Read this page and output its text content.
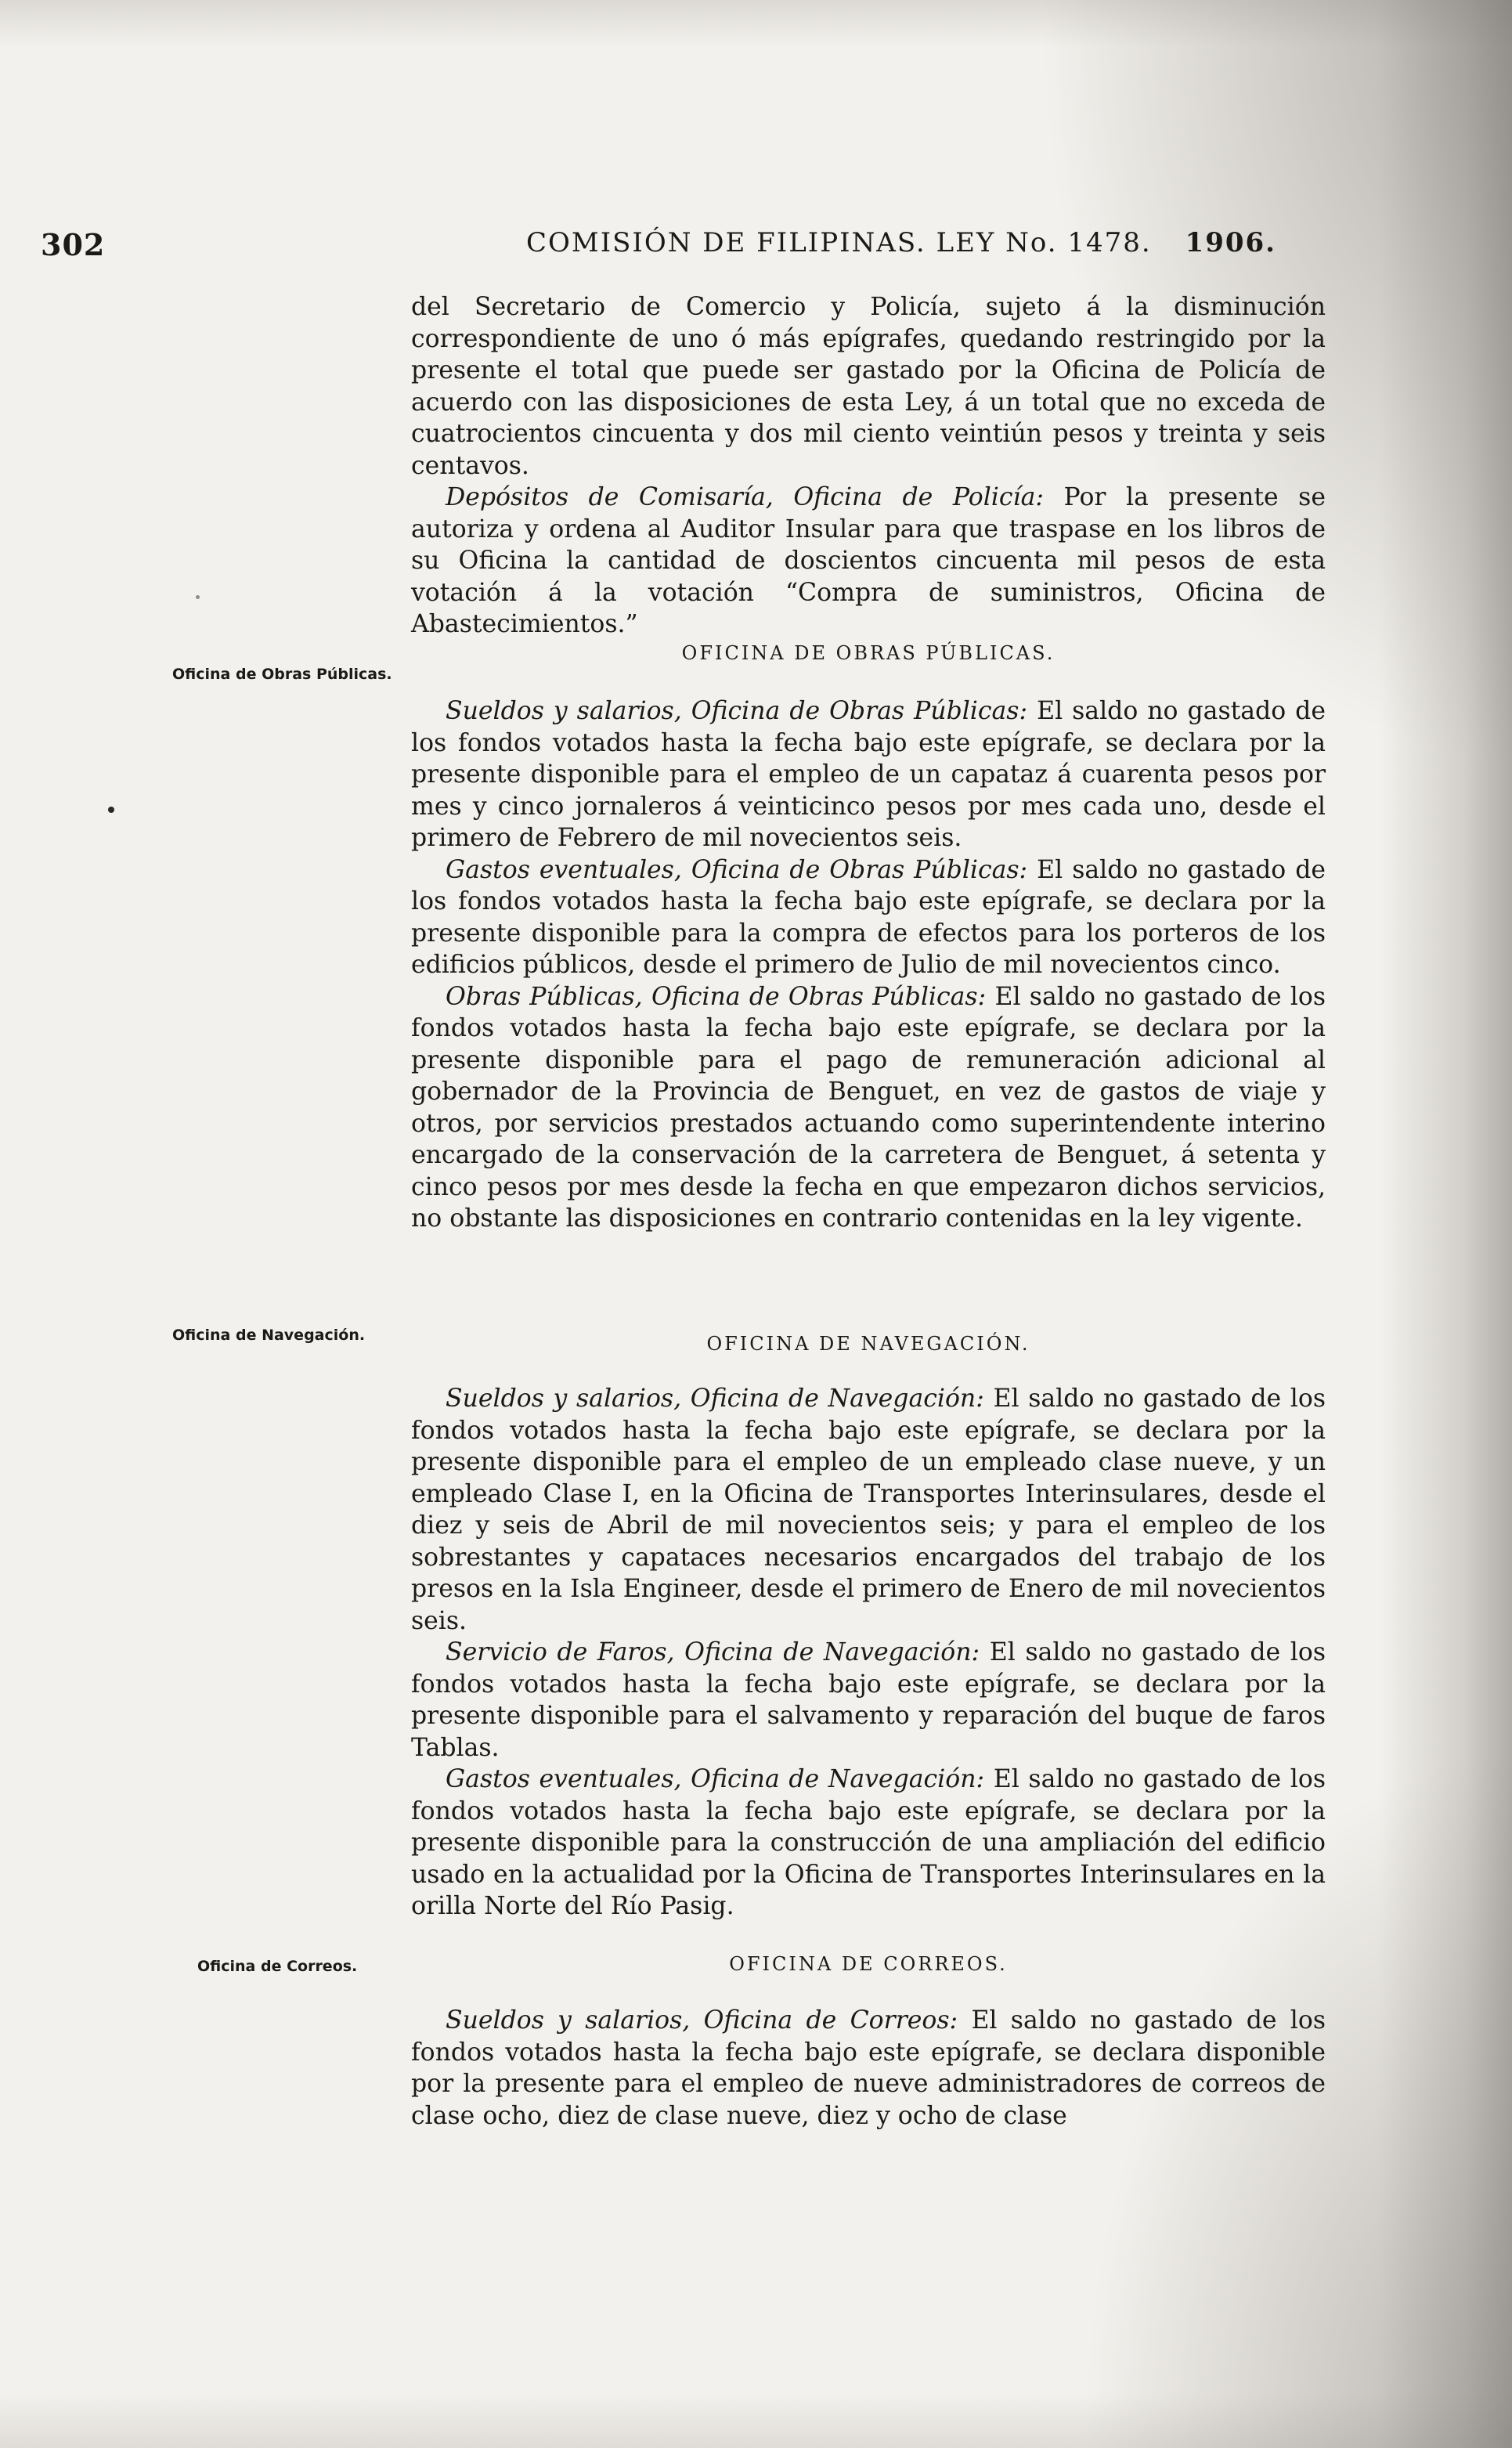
302	COMISIÓN DE FILIPINAS. LEY No. 1478. 1906.

del Secretario de Comercio y Policía, sujeto á la disminución correspondiente de uno ó más epígrafes, quedando restringido por la presente el total que puede ser gastado por la Oficina de Policía de acuerdo con las disposiciones de esta Ley, á un total que no exceda de cuatrocientos cincuenta y dos mil ciento veintiún pesos y treinta y seis centavos.

Depósitos de Comisaría, Oficina de Policía: Por la presente se autoriza y ordena al Auditor Insular para que traspase en los libros de su Oficina la cantidad de doscientos cincuenta mil pesos de esta votación á la votación “Compra de suministros, Oficina de Abastecimientos.”

Oficina de Obras Públicas.
OFICINA DE OBRAS PÚBLICAS.

Sueldos y salarios, Oficina de Obras Públicas: El saldo no gastado de los fondos votados hasta la fecha bajo este epígrafe, se declara por la presente disponible para el empleo de un capataz á cuarenta pesos por mes y cinco jornaleros á veinticinco pesos por mes cada uno, desde el primero de Febrero de mil novecientos seis.

Gastos eventuales, Oficina de Obras Públicas: El saldo no gastado de los fondos votados hasta la fecha bajo este epígrafe, se declara por la presente disponible para la compra de efectos para los porteros de los edificios públicos, desde el primero de Julio de mil novecientos cinco.

Obras Públicas, Oficina de Obras Públicas: El saldo no gastado de los fondos votados hasta la fecha bajo este epígrafe, se declara por la presente disponible para el pago de remuneración adicional al gobernador de la Provincia de Benguet, en vez de gastos de viaje y otros, por servicios prestados actuando como superintendente interino encargado de la conservación de la carretera de Benguet, á setenta y cinco pesos por mes desde la fecha en que empezaron dichos servicios, no obstante las disposiciones en contrario contenidas en la ley vigente.

Oficina de Navegación.	OFICINA DE NAVEGACIÓN.

Sueldos y salarios, Oficina de Navegación: El saldo no gastado de los fondos votados hasta la fecha bajo este epígrafe, se declara por la presente disponible para el empleo de un empleado clase nueve, y un empleado Clase I, en la Oficina de Transportes Interinsulares, desde el diez y seis de Abril de mil novecientos seis; y para el empleo de los sobrestantes y capataces necesarios encargados del trabajo de los presos en la Isla Engineer, desde el primero de Enero de mil novecientos seis.

Servicio de Faros, Oficina de Navegación: El saldo no gastado de los fondos votados hasta la fecha bajo este epígrafe, se declara por la presente disponible para el salvamento y reparación del buque de faros Tablas.

Gastos eventuales, Oficina de Navegación: El saldo no gastado de los fondos votados hasta la fecha bajo este epígrafe, se declara por la presente disponible para la construcción de una ampliación del edificio usado en la actualidad por la Oficina de Transportes Interinsulares en la orilla Norte del Río Pasig.

Oficina de Correos.	OFICINA DE CORREOS.

Sueldos y salarios, Oficina de Correos: El saldo no gastado de los fondos votados hasta la fecha bajo este epígrafe, se declara disponible por la presente para el empleo de nueve administradores de correos de clase ocho, diez de clase nueve, diez y ocho de clase
